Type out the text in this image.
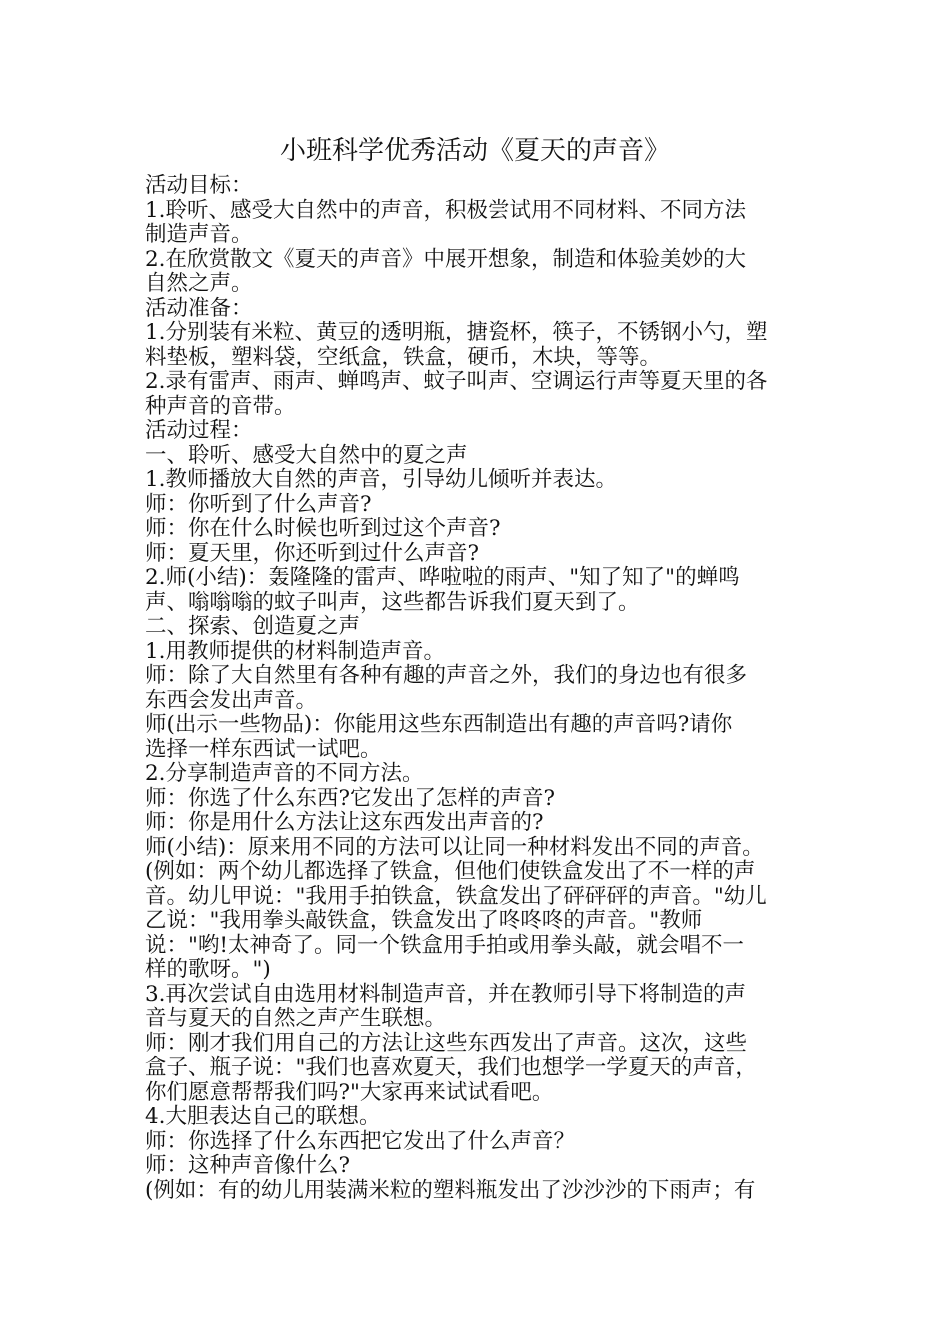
小班科学优秀活动《夏天的声音》
活动目标：
1.聆听、感受大自然中的声音，积极尝试用不同材料、不同方法
制造声音。
2.在欣赏散文《夏天的声音》中展开想象，制造和体验美妙的大
自然之声。
活动准备：
1.分别装有米粒、黄豆的透明瓶，搪瓷杯，筷子，不锈钢小勺，塑
料垫板，塑料袋，空纸盒，铁盒，硬币，木块，等等。
2.录有雷声、雨声、蝉鸣声、蚊子叫声、空调运行声等夏天里的各
种声音的音带。
活动过程：
一、聆听、感受大自然中的夏之声
1.教师播放大自然的声音，引导幼儿倾听并表达。
师：你听到了什么声音?
师：你在什么时候也听到过这个声音?
师：夏天里，你还听到过什么声音?
2.师(小结)：轰隆隆的雷声、哗啦啦的雨声、"知了知了"的蝉鸣
声、嗡嗡嗡的蚊子叫声，这些都告诉我们夏天到了。
二、探索、创造夏之声
1.用教师提供的材料制造声音。
师：除了大自然里有各种有趣的声音之外，我们的身边也有很多
东西会发出声音。
师(出示一些物品)：你能用这些东西制造出有趣的声音吗?请你
选择一样东西试一试吧。
2.分享制造声音的不同方法。
师：你选了什么东西?它发出了怎样的声音?
师：你是用什么方法让这东西发出声音的?
师(小结)：原来用不同的方法可以让同一种材料发出不同的声音。
(例如：两个幼儿都选择了铁盒，但他们使铁盒发出了不一样的声
音。幼儿甲说："我用手拍铁盒，铁盒发出了砰砰砰的声音。"幼儿
乙说："我用拳头敲铁盒，铁盒发出了咚咚咚的声音。"教师
说："哟!太神奇了。同一个铁盒用手拍或用拳头敲，就会唱不一
样的歌呀。")
3.再次尝试自由选用材料制造声音，并在教师引导下将制造的声
音与夏天的自然之声产生联想。
师：刚才我们用自己的方法让这些东西发出了声音。这次，这些
盒子、瓶子说："我们也喜欢夏天，我们也想学一学夏天的声音，
你们愿意帮帮我们吗?"大家再来试试看吧。
4.大胆表达自己的联想。
师：你选择了什么东西把它发出了什么声音？
师：这种声音像什么?
(例如：有的幼儿用装满米粒的塑料瓶发出了沙沙沙的下雨声；有
